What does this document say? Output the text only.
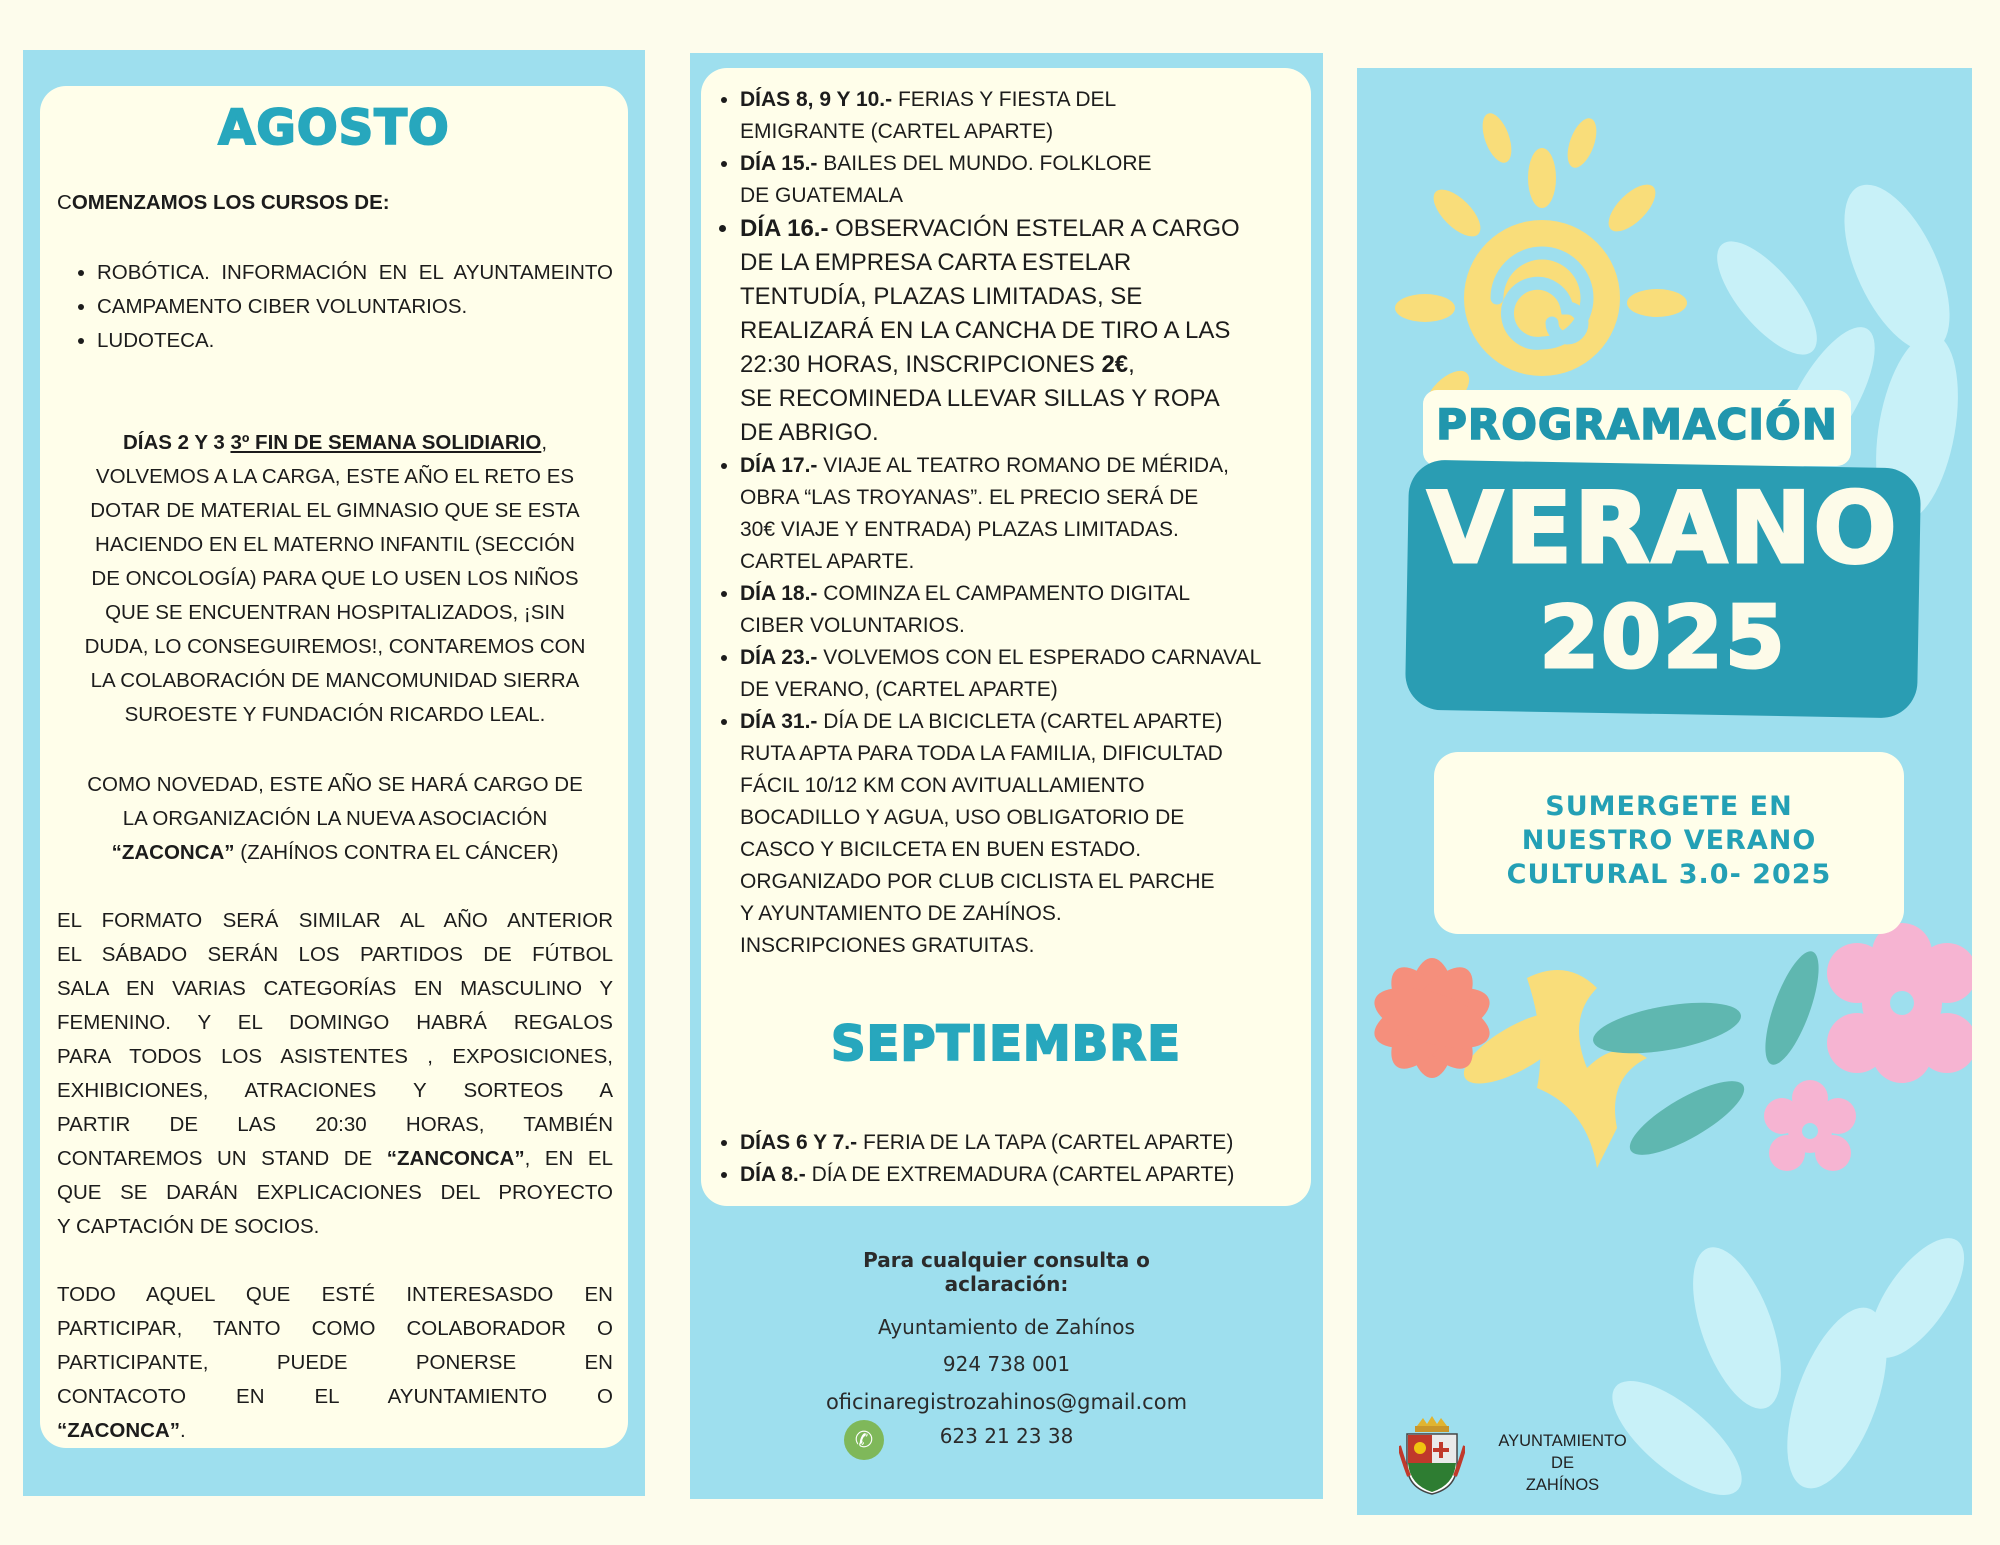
AGOSTO
COMENZAMOS LOS CURSOS DE:
• ROBÓTICA. INFORMACIÓN EN EL AYUNTAMEINTO
• CAMPAMENTO CIBER VOLUNTARIOS.
• LUDOTECA.
DÍAS 2 Y 3 3º FIN DE SEMANA SOLIDIARIO,
VOLVEMOS A LA CARGA, ESTE AÑO EL RETO ES
DOTAR DE MATERIAL EL GIMNASIO QUE SE ESTA
HACIENDO EN EL MATERNO INFANTIL (SECCIÓN
DE ONCOLOGÍA) PARA QUE LO USEN LOS NIÑOS
QUE SE ENCUENTRAN HOSPITALIZADOS, ¡SIN
DUDA, LO CONSEGUIREMOS!, CONTAREMOS CON
LA COLABORACIÓN DE MANCOMUNIDAD SIERRA
SUROESTE Y FUNDACIÓN RICARDO LEAL.
COMO NOVEDAD, ESTE AÑO SE HARÁ CARGO DE
LA ORGANIZACIÓN LA NUEVA ASOCIACIÓN
“ZACONCA” (ZAHÍNOS CONTRA EL CÁNCER)
EL FORMATO SERÁ SIMILAR AL AÑO ANTERIOR
EL SÁBADO SERÁN LOS PARTIDOS DE FÚTBOL
SALA EN VARIAS CATEGORÍAS EN MASCULINO Y
FEMENINO. Y EL DOMINGO HABRÁ REGALOS
PARA TODOS LOS ASISTENTES , EXPOSICIONES,
EXHIBICIONES, ATRACIONES Y SORTEOS A
PARTIR DE LAS 20:30 HORAS, TAMBIÉN
CONTAREMOS UN STAND DE “ZANCONCA”, EN EL
QUE SE DARÁN EXPLICACIONES DEL PROYECTO
Y CAPTACIÓN DE SOCIOS.
TODO AQUEL QUE ESTÉ INTERESASDO EN
PARTICIPAR, TANTO COMO COLABORADOR O
PARTICIPANTE, PUEDE PONERSE EN
CONTACOTO EN EL AYUNTAMIENTO O
“ZACONCA”.
• DÍAS 8, 9 Y 10.- FERIAS Y FIESTA DEL
EMIGRANTE (CARTEL APARTE)
• DÍA 15.- BAILES DEL MUNDO. FOLKLORE
DE GUATEMALA
• DÍA 16.- OBSERVACIÓN ESTELAR A CARGO
DE LA EMPRESA CARTA ESTELAR
TENTUDÍA, PLAZAS LIMITADAS, SE
REALIZARÁ EN LA CANCHA DE TIRO A LAS
22:30 HORAS, INSCRIPCIONES 2€,
SE RECOMINEDA LLEVAR SILLAS Y ROPA
DE ABRIGO.
• DÍA 17.- VIAJE AL TEATRO ROMANO DE MÉRIDA,
OBRA “LAS TROYANAS”. EL PRECIO SERÁ DE
30€ VIAJE Y ENTRADA) PLAZAS LIMITADAS.
CARTEL APARTE.
• DÍA 18.- COMINZA EL CAMPAMENTO DIGITAL
CIBER VOLUNTARIOS.
• DÍA 23.- VOLVEMOS CON EL ESPERADO CARNAVAL
DE VERANO, (CARTEL APARTE)
• DÍA 31.- DÍA DE LA BICICLETA (CARTEL APARTE)
RUTA APTA PARA TODA LA FAMILIA, DIFICULTAD
FÁCIL 10/12 KM CON AVITUALLAMIENTO
BOCADILLO Y AGUA, USO OBLIGATORIO DE
CASCO Y BICILCETA EN BUEN ESTADO.
ORGANIZADO POR CLUB CICLISTA EL PARCHE
Y AYUNTAMIENTO DE ZAHÍNOS.
INSCRIPCIONES GRATUITAS.
SEPTIEMBRE
• DÍAS 6 Y 7.- FERIA DE LA TAPA (CARTEL APARTE)
• DÍA 8.- DÍA DE EXTREMADURA (CARTEL APARTE)
Para cualquier consulta o
aclaración:
Ayuntamiento de Zahínos
924 738 001
oficinaregistrozahinos@gmail.com
✆	623 21 23 38
PROGRAMACIÓN
VERANO
2025
SUMERGETE EN
NUESTRO VERANO
CULTURAL 3.0- 2025
AYUNTAMIENTO
DE
ZAHÍNOS
